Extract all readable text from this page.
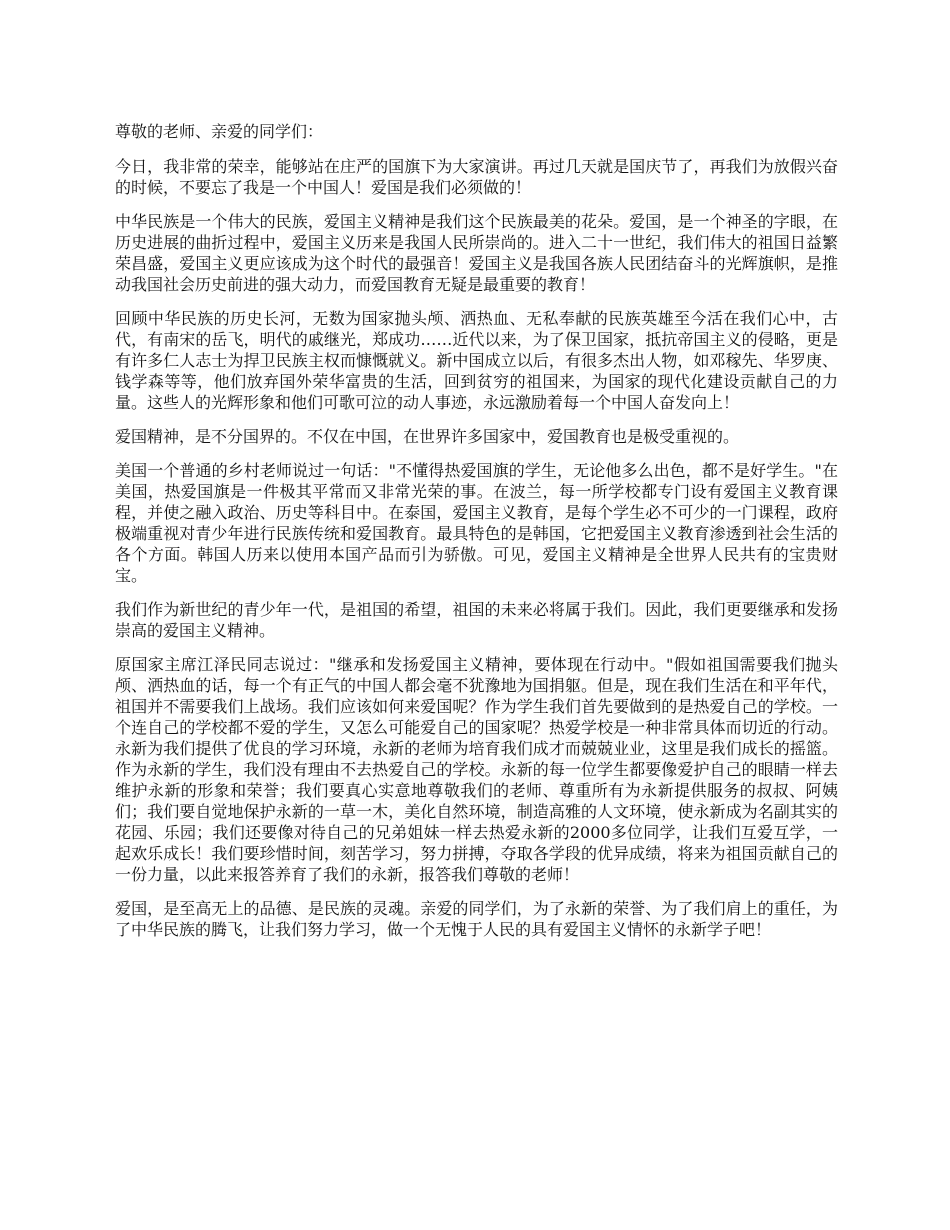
尊敬的老师、亲爱的同学们：

今日，我非常的荣幸，能够站在庄严的国旗下为大家演讲。再过几天就是国庆节了，再我们为放假兴奋的时候，不要忘了我是一个中国人！爱国是我们必须做的！

中华民族是一个伟大的民族，爱国主义精神是我们这个民族最美的花朵。爱国，是一个神圣的字眼，在历史进展的曲折过程中，爱国主义历来是我国人民所崇尚的。进入二十一世纪，我们伟大的祖国日益繁荣昌盛，爱国主义更应该成为这个时代的最强音！爱国主义是我国各族人民团结奋斗的光辉旗帜，是推动我国社会历史前进的强大动力，而爱国教育无疑是最重要的教育！

回顾中华民族的历史长河，无数为国家抛头颅、洒热血、无私奉献的民族英雄至今活在我们心中，古代，有南宋的岳飞，明代的戚继光，郑成功……近代以来，为了保卫国家，抵抗帝国主义的侵略，更是有许多仁人志士为捍卫民族主权而慷慨就义。新中国成立以后，有很多杰出人物，如邓稼先、华罗庚、钱学森等等，他们放弃国外荣华富贵的生活，回到贫穷的祖国来，为国家的现代化建设贡献自己的力量。这些人的光辉形象和他们可歌可泣的动人事迹，永远激励着每一个中国人奋发向上！

爱国精神，是不分国界的。不仅在中国，在世界许多国家中，爱国教育也是极受重视的。

美国一个普通的乡村老师说过一句话："不懂得热爱国旗的学生，无论他多么出色，都不是好学生。"在美国，热爱国旗是一件极其平常而又非常光荣的事。在波兰，每一所学校都专门设有爱国主义教育课程，并使之融入政治、历史等科目中。在泰国，爱国主义教育，是每个学生必不可少的一门课程，政府极端重视对青少年进行民族传统和爱国教育。最具特色的是韩国，它把爱国主义教育渗透到社会生活的各个方面。韩国人历来以使用本国产品而引为骄傲。可见，爱国主义精神是全世界人民共有的宝贵财宝。

我们作为新世纪的青少年一代，是祖国的希望，祖国的未来必将属于我们。因此，我们更要继承和发扬崇高的爱国主义精神。

原国家主席江泽民同志说过："继承和发扬爱国主义精神，要体现在行动中。"假如祖国需要我们抛头颅、洒热血的话，每一个有正气的中国人都会毫不犹豫地为国捐躯。但是，现在我们生活在和平年代，祖国并不需要我们上战场。我们应该如何来爱国呢？作为学生我们首先要做到的是热爱自己的学校。一个连自己的学校都不爱的学生，又怎么可能爱自己的国家呢？热爱学校是一种非常具体而切近的行动。永新为我们提供了优良的学习环境，永新的老师为培育我们成才而兢兢业业，这里是我们成长的摇篮。作为永新的学生，我们没有理由不去热爱自己的学校。永新的每一位学生都要像爱护自己的眼睛一样去维护永新的形象和荣誉；我们要真心实意地尊敬我们的老师、尊重所有为永新提供服务的叔叔、阿姨们；我们要自觉地保护永新的一草一木，美化自然环境，制造高雅的人文环境，使永新成为名副其实的花园、乐园；我们还要像对待自己的兄弟姐妹一样去热爱永新的2000多位同学，让我们互爱互学，一起欢乐成长！我们要珍惜时间，刻苦学习，努力拼搏，夺取各学段的优异成绩，将来为祖国贡献自己的一份力量，以此来报答养育了我们的永新，报答我们尊敬的老师！

爱国，是至高无上的品德、是民族的灵魂。亲爱的同学们，为了永新的荣誉、为了我们肩上的重任，为了中华民族的腾飞，让我们努力学习，做一个无愧于人民的具有爱国主义情怀的永新学子吧！
